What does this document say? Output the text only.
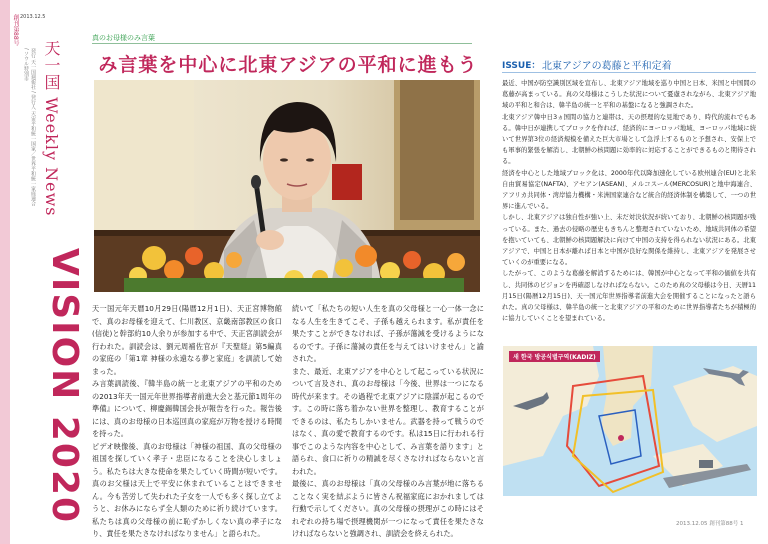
創刊第88号 2013.12.5
発行 天一国週報社 / 発行人 天宙平和統一国家／世界平和統一家庭連合 / ソウル特別市 天一国 Weekly News
VISION 2020
真のお母様のみ言葉
み言葉を中心に北東アジアの平和に進もう

天一国元年天暦10月29日(陽暦12月1日)、天正宮博物館で、真のお母様を迎えて、仁川教区、京畿南部教区の食口(信徒)と幹部約10人余りが参加する中で、天正宮訓読会が行われた。訓読会は、劉元周補佐官が『天聖経』第5編真の家庭の「第1章 神様の永遠なる夢と家庭」を訓読して始まった。

み言葉訓読後、『韓半島の統一と北東アジアの平和のための2013年天一国元年世界指導者前進大会と基元節1周年の準備』について、柳慶錫韓国会長が報告を行った。報告後には、真のお母様の日本巡回真の家庭が万物を授ける時間を持った。

ピデオ映像後、真のお母様は「神様の祖国、真の父母様の祖国を探していく孝子・忠臣になることを決心しましょう。私たちは大きな使命を果たしていく時間が短いです。真のお父様は天上で平安に休まれていることはできません。今も苦労して失われた子女を一人でも多く探し立てようと、お休みにならず全人類のために祈り続けています。私たちは真の父母様の前に恥ずかしくない真の孝子になり、責任を果たさなければなりません」と語られた。

続いて「私たちの短い人生を真の父母様と一心一体一念になる人生を生きてこそ、子孫も越えられます。私が責任を果たすことができなければ、子孫が蕩減を受けるようになるのです。子孫に蕩減の責任を与えてはいけません」と諭された。

また、最近、北東アジアを中心として起こっている状況について言及され、真のお母様は「今後、世界は一つになる時代が来ます。その過程で北東アジアに陰謀が起こるのです。この時に落ち着かない世界を整理し、教育することができるのは、私たちしかいません。武器を持って戦うのではなく、真の愛で教育するのです。私は15日に行われる行事でこのような内容を中心として、み言葉を語ります」と語られ、食口に祈りの精誠を尽くさなければならないと言われた。

最後に、真のお母様は「真の父母様のみ言葉が地に落ちることなく実を結ぶように皆さん祝福家庭におかれましては行動で示してください。真の父母様の摂理がこの時にはそれぞれの持ち場で摂理機関が一つになって責任を果たさなければならないと強調され、訓読会を終えられた。

ISSUE： 北東アジアの葛藤と平和定着

最近、中国が防空識別区域を宣布し、北東アジア地域を巡り中国と日本、米国と中国間の葛藤が高まっている。真の父母様はこうした状況について憂慮されながら、北東アジア地域の平和と和合は、韓半島の統一と平和の基盤になると強調された。

北東アジア韓中日3ヵ国間の協力と連帯は、天の摂理的な見地であり、時代的流れでもある。韓中日が連携してブロックを作れば、経済的にヨーロッパ地域、ヨーロッパ地域に続いて世界第3位の経済規模を備えた巨大市場として急浮上するものと予想され、安保上でも軍事的緊張を解消し、北朝鮮の核問題に効率的に対応することができるものと期待される。

経済を中心とした地域ブロック化は、2000年代以降加速化している欧州連合(EU)と北米自由貿易協定(NAFTA)、アセアン(ASEAN)、メルコスール(MERCOSUR)と地中海連合、アフリカ共同体・湾岸協力機構・米洲国家連合など統合的経済体制を構築して、一つの世界に進んでいる。

しかし、北東アジアは独自性が強い上、未だ対決状況が続いており、北朝鮮の核問題が残っている。また、過去の侵略の歴史もきちんと整理されていないため、地域共同体の希望を抱いていても、北朝鮮の核問題解決に向けて中国の支持を得られない状況にある。北東アジアで、中国と日本が離れば日本と中国が良好な関係を維持し、北東アジアを発展させていくのが重要になる。

したがって、このような葛藤を解消するためには、韓国が中心となって平和の価値を共有し、共同体のビジョンを再確認しなければならない。このため真の父母様は今日、天暦11月15日(陽暦12月15日)、天一国元年世界指導者前進大会を開催することになったと語られた。真の父母様は、韓半島の統一と北東アジアの平和のために世界指導者たちが積極的に協力していくことを望まれている。

새 한국 방공식별구역(KADIZ)
2013.12.05 創刊第88号 1
